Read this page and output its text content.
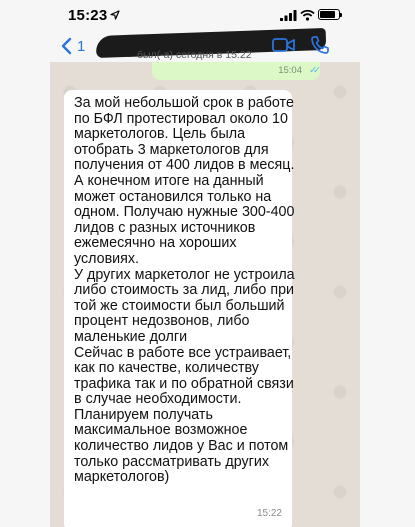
15:23
1	был(-а) сегодня в 15:22
15:04 ✓✓
За мой небольшой срок в работе
по БФЛ протестировал около 10
маркетологов. Цель была
отобрать 3 маркетологов для
получения от 400 лидов в месяц.
А конечном итоге на данный
может остановился только на
одном. Получаю нужные 300-400
лидов с разных источников
ежемесячно на хороших
условиях.
У других маркетолог не устроила
либо стоимость за лид, либо при
той же стоимости был больший
процент недозвонов, либо
маленькие долги
Сейчас в работе все устраивает,
как по качестве, количеству
трафика так и по обратной связи
в случае необходимости.
Планируем получать
максимальное возможное
количество лидов у Вас и потом
только рассматривать других
маркетологов)
15:22
